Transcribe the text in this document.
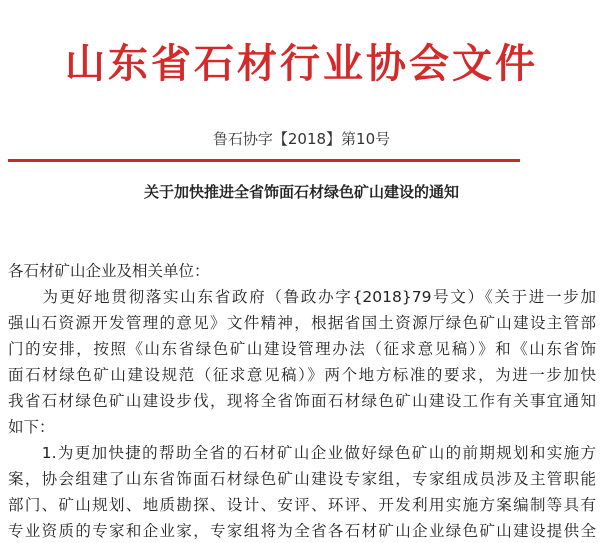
山东省石材行业协会文件
鲁石协字【2018】第10号
关于加快推进全省饰面石材绿色矿山建设的通知
各石材矿山企业及相关单位：
　　为更好地贯彻落实山东省政府（鲁政办字{2018}79号文）《关于进一步加
强山石资源开发管理的意见》文件精神，根据省国土资源厅绿色矿山建设主管部
门的安排，按照《山东省绿色矿山建设管理办法（征求意见稿）》和《山东省饰
面石材绿色矿山建设规范（征求意见稿）》两个地方标准的要求，为进一步加快
我省石材绿色矿山建设步伐，现将全省饰面石材绿色矿山建设工作有关事宜通知
如下：
　　1.为更加快捷的帮助全省的石材矿山企业做好绿色矿山的前期规划和实施方
案，协会组建了山东省饰面石材绿色矿山建设专家组，专家组成员涉及主管职能
部门、矿山规划、地质勘探、设计、安评、环评、开发利用实施方案编制等具有
专业资质的专家和企业家，专家组将为全省各石材矿山企业绿色矿山建设提供全
